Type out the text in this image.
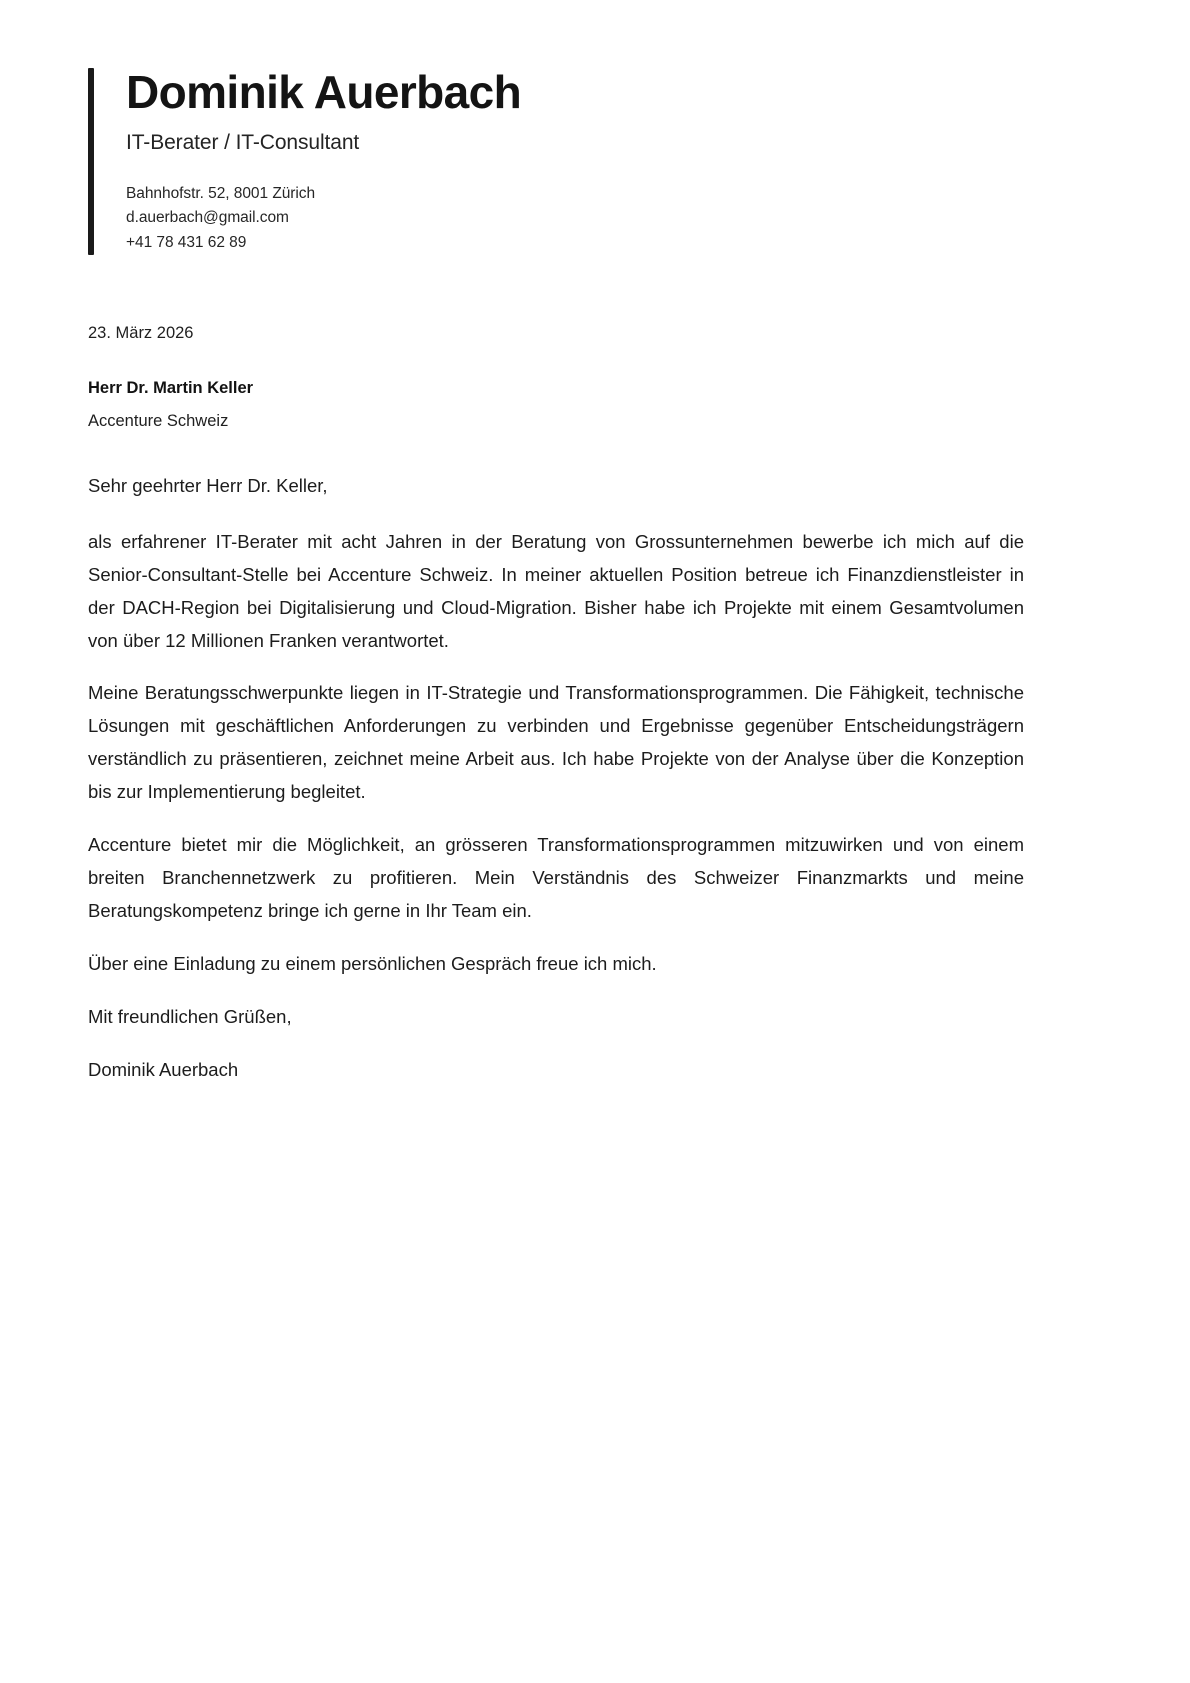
Dominik Auerbach
IT-Berater / IT-Consultant
Bahnhofstr. 52, 8001 Zürich
d.auerbach@gmail.com
+41 78 431 62 89
23. März 2026
Herr Dr. Martin Keller
Accenture Schweiz

Sehr geehrter Herr Dr. Keller,

als erfahrener IT-Berater mit acht Jahren in der Beratung von Grossunternehmen bewerbe ich mich auf die Senior-Consultant-Stelle bei Accenture Schweiz. In meiner aktuellen Position betreue ich Finanzdienstleister in der DACH-Region bei Digitalisierung und Cloud-Migration. Bisher habe ich Projekte mit einem Gesamtvolumen von über 12 Millionen Franken verantwortet.

Meine Beratungsschwerpunkte liegen in IT-Strategie und Transformationsprogrammen. Die Fähigkeit, technische Lösungen mit geschäftlichen Anforderungen zu verbinden und Ergebnisse gegenüber Entscheidungsträgern verständlich zu präsentieren, zeichnet meine Arbeit aus. Ich habe Projekte von der Analyse über die Konzeption bis zur Implementierung begleitet.

Accenture bietet mir die Möglichkeit, an grösseren Transformationsprogrammen mitzuwirken und von einem breiten Branchennetzwerk zu profitieren. Mein Verständnis des Schweizer Finanzmarkts und meine Beratungskompetenz bringe ich gerne in Ihr Team ein.

Über eine Einladung zu einem persönlichen Gespräch freue ich mich.

Mit freundlichen Grüßen,

Dominik Auerbach
